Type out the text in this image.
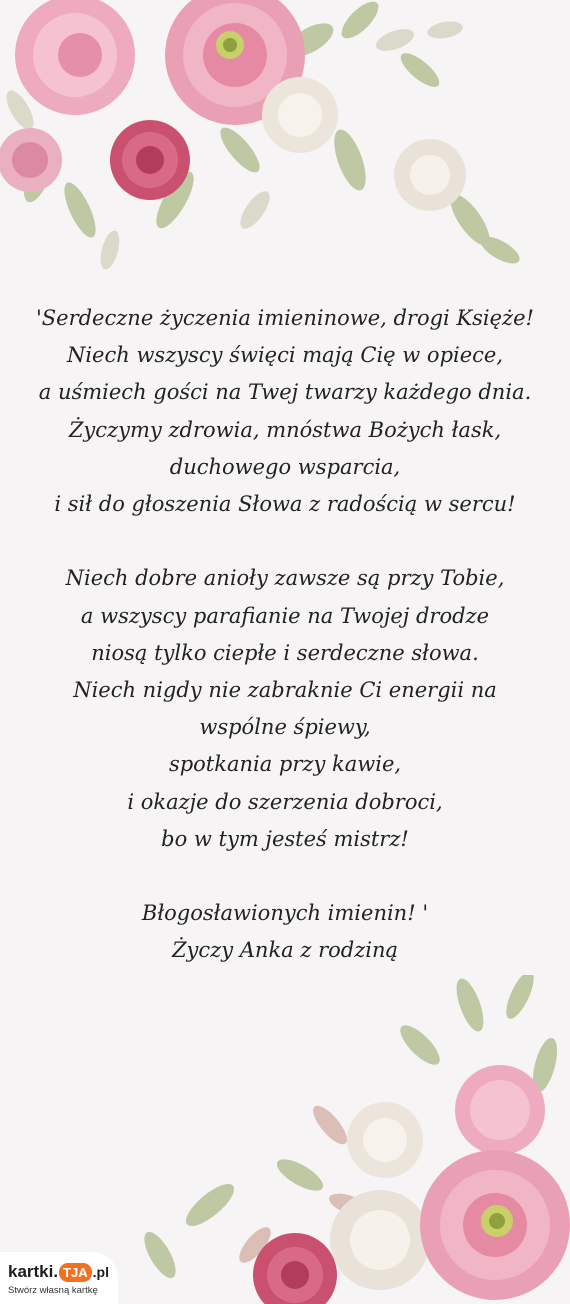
'Serdeczne życzenia imieninowe, drogi Księże!
Niech wszyscy święci mają Cię w opiece,
a uśmiech gości na Twej twarzy każdego dnia.
Życzymy zdrowia, mnóstwa Bożych łask,
duchowego wsparcia,
i sił do głoszenia Słowa z radością w sercu!
Niech dobre anioły zawsze są przy Tobie,
a wszyscy parafianie na Twojej drodze
niosą tylko ciepłe i serdeczne słowa.
Niech nigdy nie zabraknie Ci energii na
wspólne śpiewy,
spotkania przy kawie,
i okazje do szerzenia dobroci,
bo w tym jesteś mistrz!
Błogosławionych imienin! '
Życzy Anka z rodziną
kartki. TJA .pl
Stwórz własną kartkę
